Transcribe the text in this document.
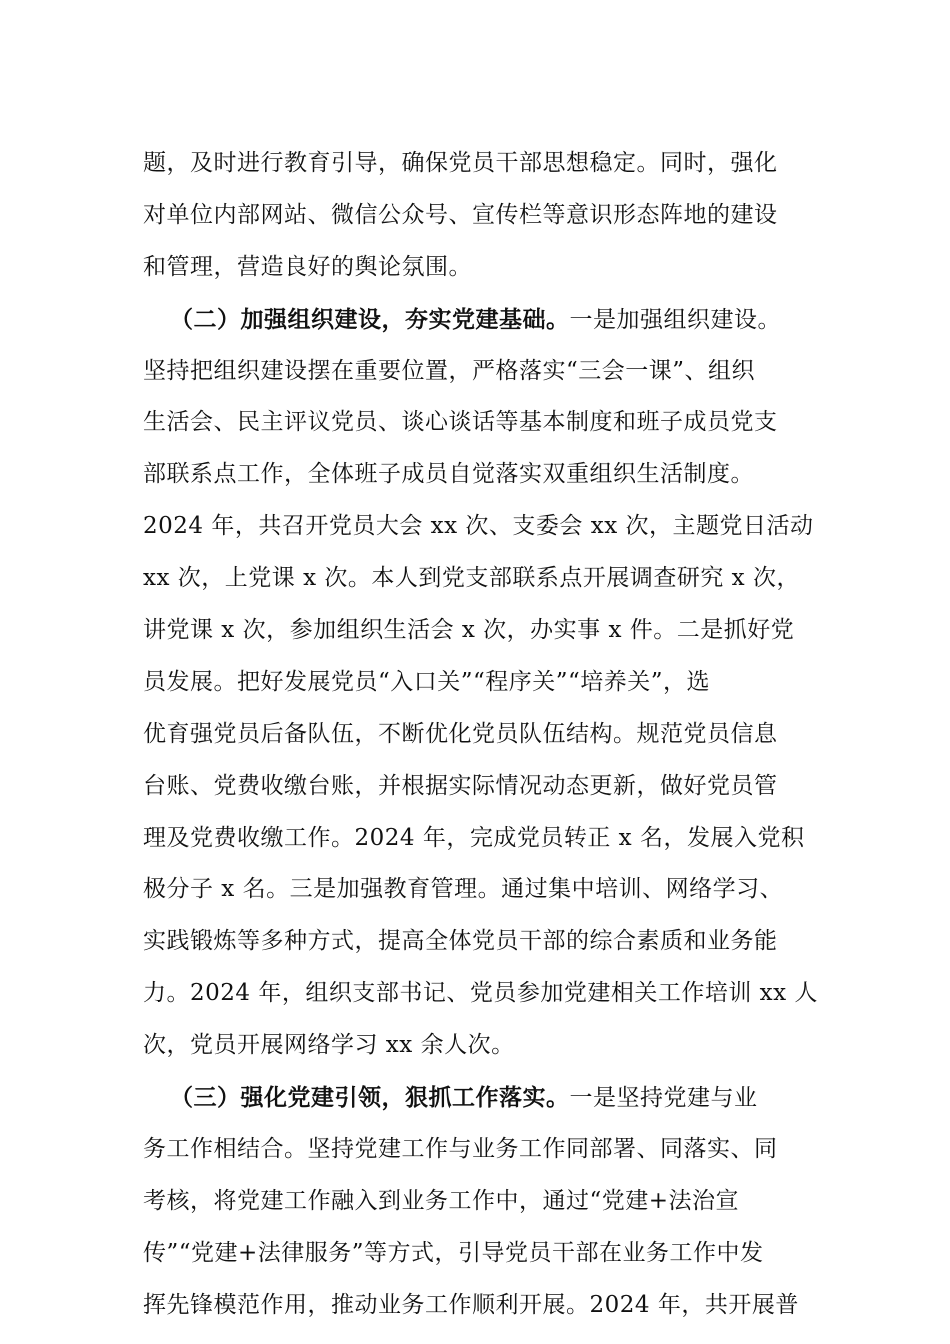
题，及时进行教育引导，确保党员干部思想稳定。同时，强化
对单位内部网站、微信公众号、宣传栏等意识形态阵地的建设
和管理，营造良好的舆论氛围。
（二）加强组织建设，夯实党建基础。一是加强组织建设。
坚持把组织建设摆在重要位置，严格落实“三会一课”、组织
生活会、民主评议党员、谈心谈话等基本制度和班子成员党支
部联系点工作，全体班子成员自觉落实双重组织生活制度。
2024 年，共召开党员大会 xx 次、支委会 xx 次，主题党日活动
xx 次，上党课 x 次。本人到党支部联系点开展调查研究 x 次，
讲党课 x 次，参加组织生活会 x 次，办实事 x 件。二是抓好党
员发展。把好发展党员“入口关”“程序关”“培养关”，选
优育强党员后备队伍，不断优化党员队伍结构。规范党员信息
台账、党费收缴台账，并根据实际情况动态更新，做好党员管
理及党费收缴工作。2024 年，完成党员转正 x 名，发展入党积
极分子 x 名。三是加强教育管理。通过集中培训、网络学习、
实践锻炼等多种方式，提高全体党员干部的综合素质和业务能
力。2024 年，组织支部书记、党员参加党建相关工作培训 xx 人
次，党员开展网络学习 xx 余人次。
（三）强化党建引领，狠抓工作落实。一是坚持党建与业
务工作相结合。坚持党建工作与业务工作同部署、同落实、同
考核，将党建工作融入到业务工作中，通过“党建+法治宣
传”“党建+法律服务”等方式，引导党员干部在业务工作中发
挥先锋模范作用，推动业务工作顺利开展。2024 年，共开展普
